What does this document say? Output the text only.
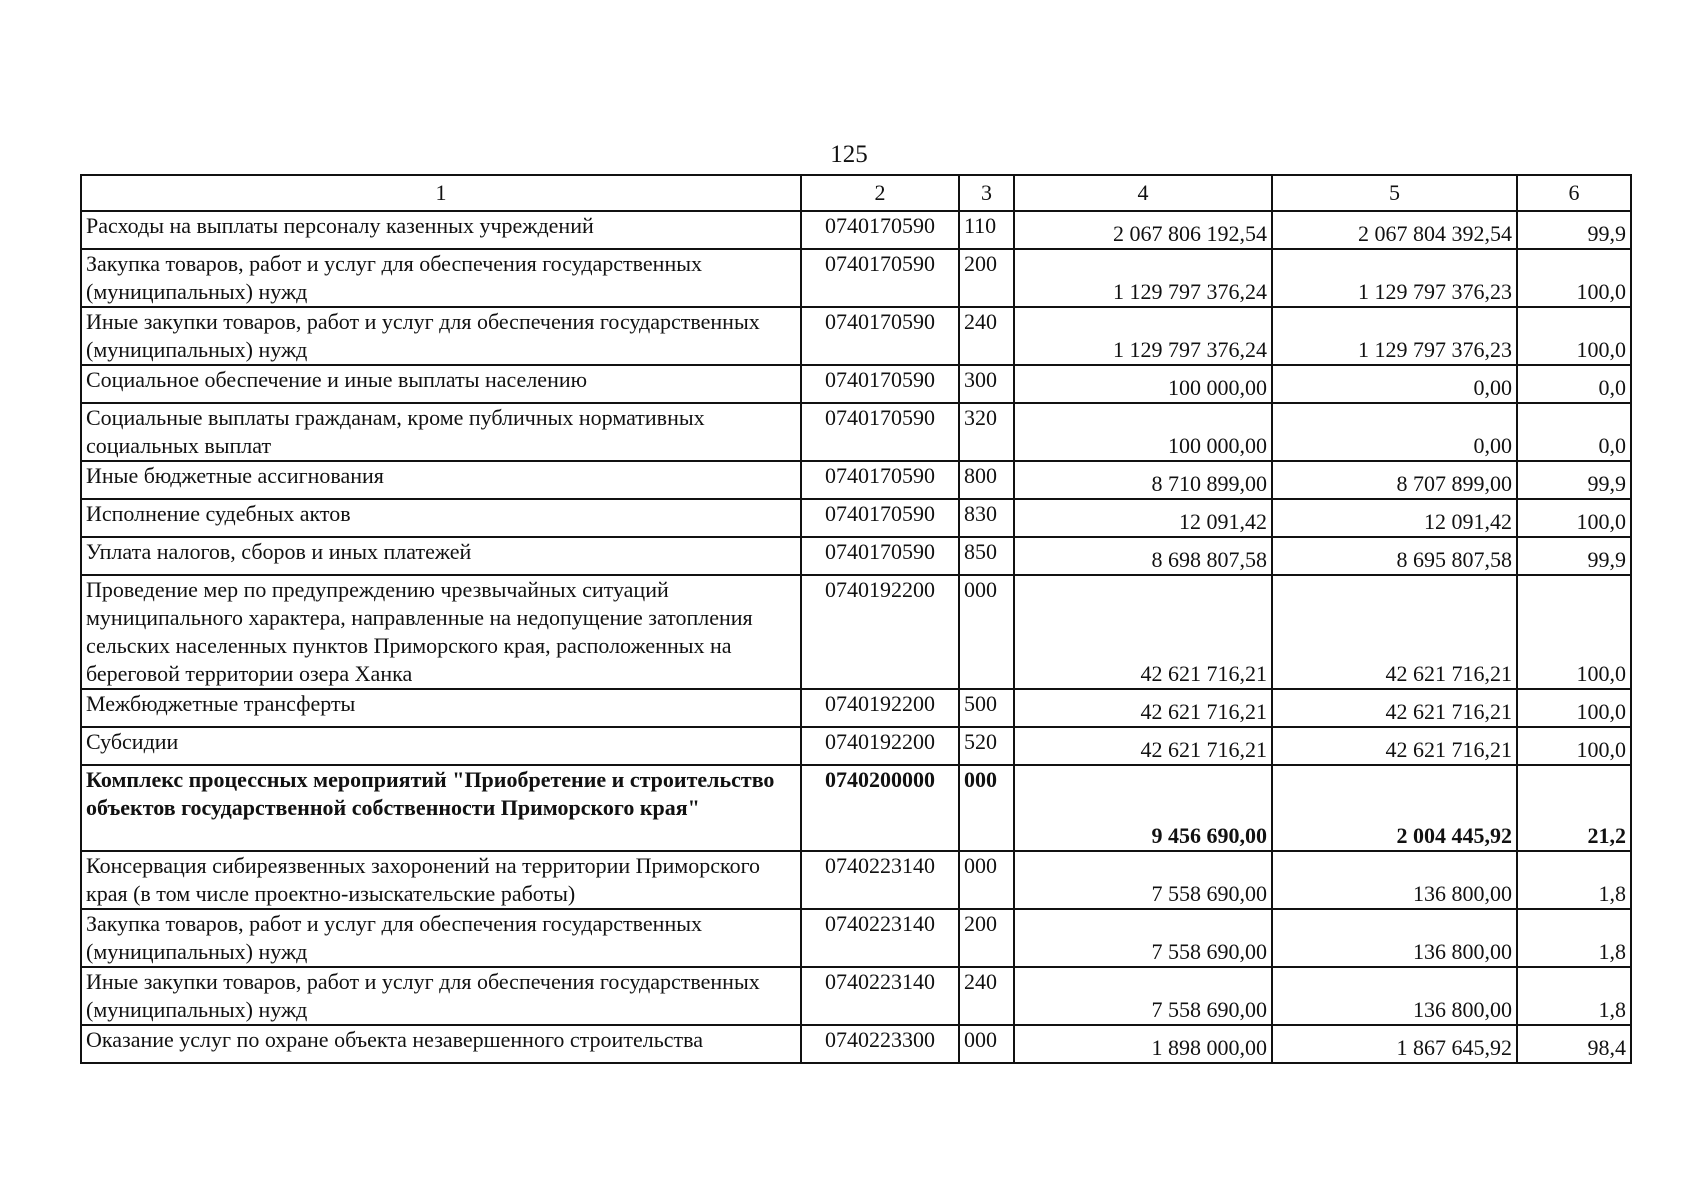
125
1	2	3	4	5	6
Расходы на выплаты персоналу казенных учреждений	0740170590	110	2 067 806 192,54	2 067 804 392,54	99,9
Закупка товаров, работ и услуг для обеспечения государственных (муниципальных) нужд	0740170590	200	1 129 797 376,24	1 129 797 376,23	100,0
Иные закупки товаров, работ и услуг для обеспечения государственных (муниципальных) нужд	0740170590	240	1 129 797 376,24	1 129 797 376,23	100,0
Социальное обеспечение и иные выплаты населению	0740170590	300	100 000,00	0,00	0,0
Социальные выплаты гражданам, кроме публичных нормативных социальных выплат	0740170590	320	100 000,00	0,00	0,0
Иные бюджетные ассигнования	0740170590	800	8 710 899,00	8 707 899,00	99,9
Исполнение судебных актов	0740170590	830	12 091,42	12 091,42	100,0
Уплата налогов, сборов и иных платежей	0740170590	850	8 698 807,58	8 695 807,58	99,9
Проведение мер по предупреждению чрезвычайных ситуаций муниципального характера, направленные на недопущение затопления сельских населенных пунктов Приморского края, расположенных на береговой территории озера Ханка	0740192200	000	42 621 716,21	42 621 716,21	100,0
Межбюджетные трансферты	0740192200	500	42 621 716,21	42 621 716,21	100,0
Субсидии	0740192200	520	42 621 716,21	42 621 716,21	100,0
Комплекс процессных мероприятий "Приобретение и строительство объектов государственной собственности Приморского края"	0740200000	000	9 456 690,00	2 004 445,92	21,2
Консервация сибиреязвенных захоронений на территории Приморского края (в том числе проектно-изыскательские работы)	0740223140	000	7 558 690,00	136 800,00	1,8
Закупка товаров, работ и услуг для обеспечения государственных (муниципальных) нужд	0740223140	200	7 558 690,00	136 800,00	1,8
Иные закупки товаров, работ и услуг для обеспечения государственных (муниципальных) нужд	0740223140	240	7 558 690,00	136 800,00	1,8
Оказание услуг по охране объекта незавершенного строительства	0740223300	000	1 898 000,00	1 867 645,92	98,4
